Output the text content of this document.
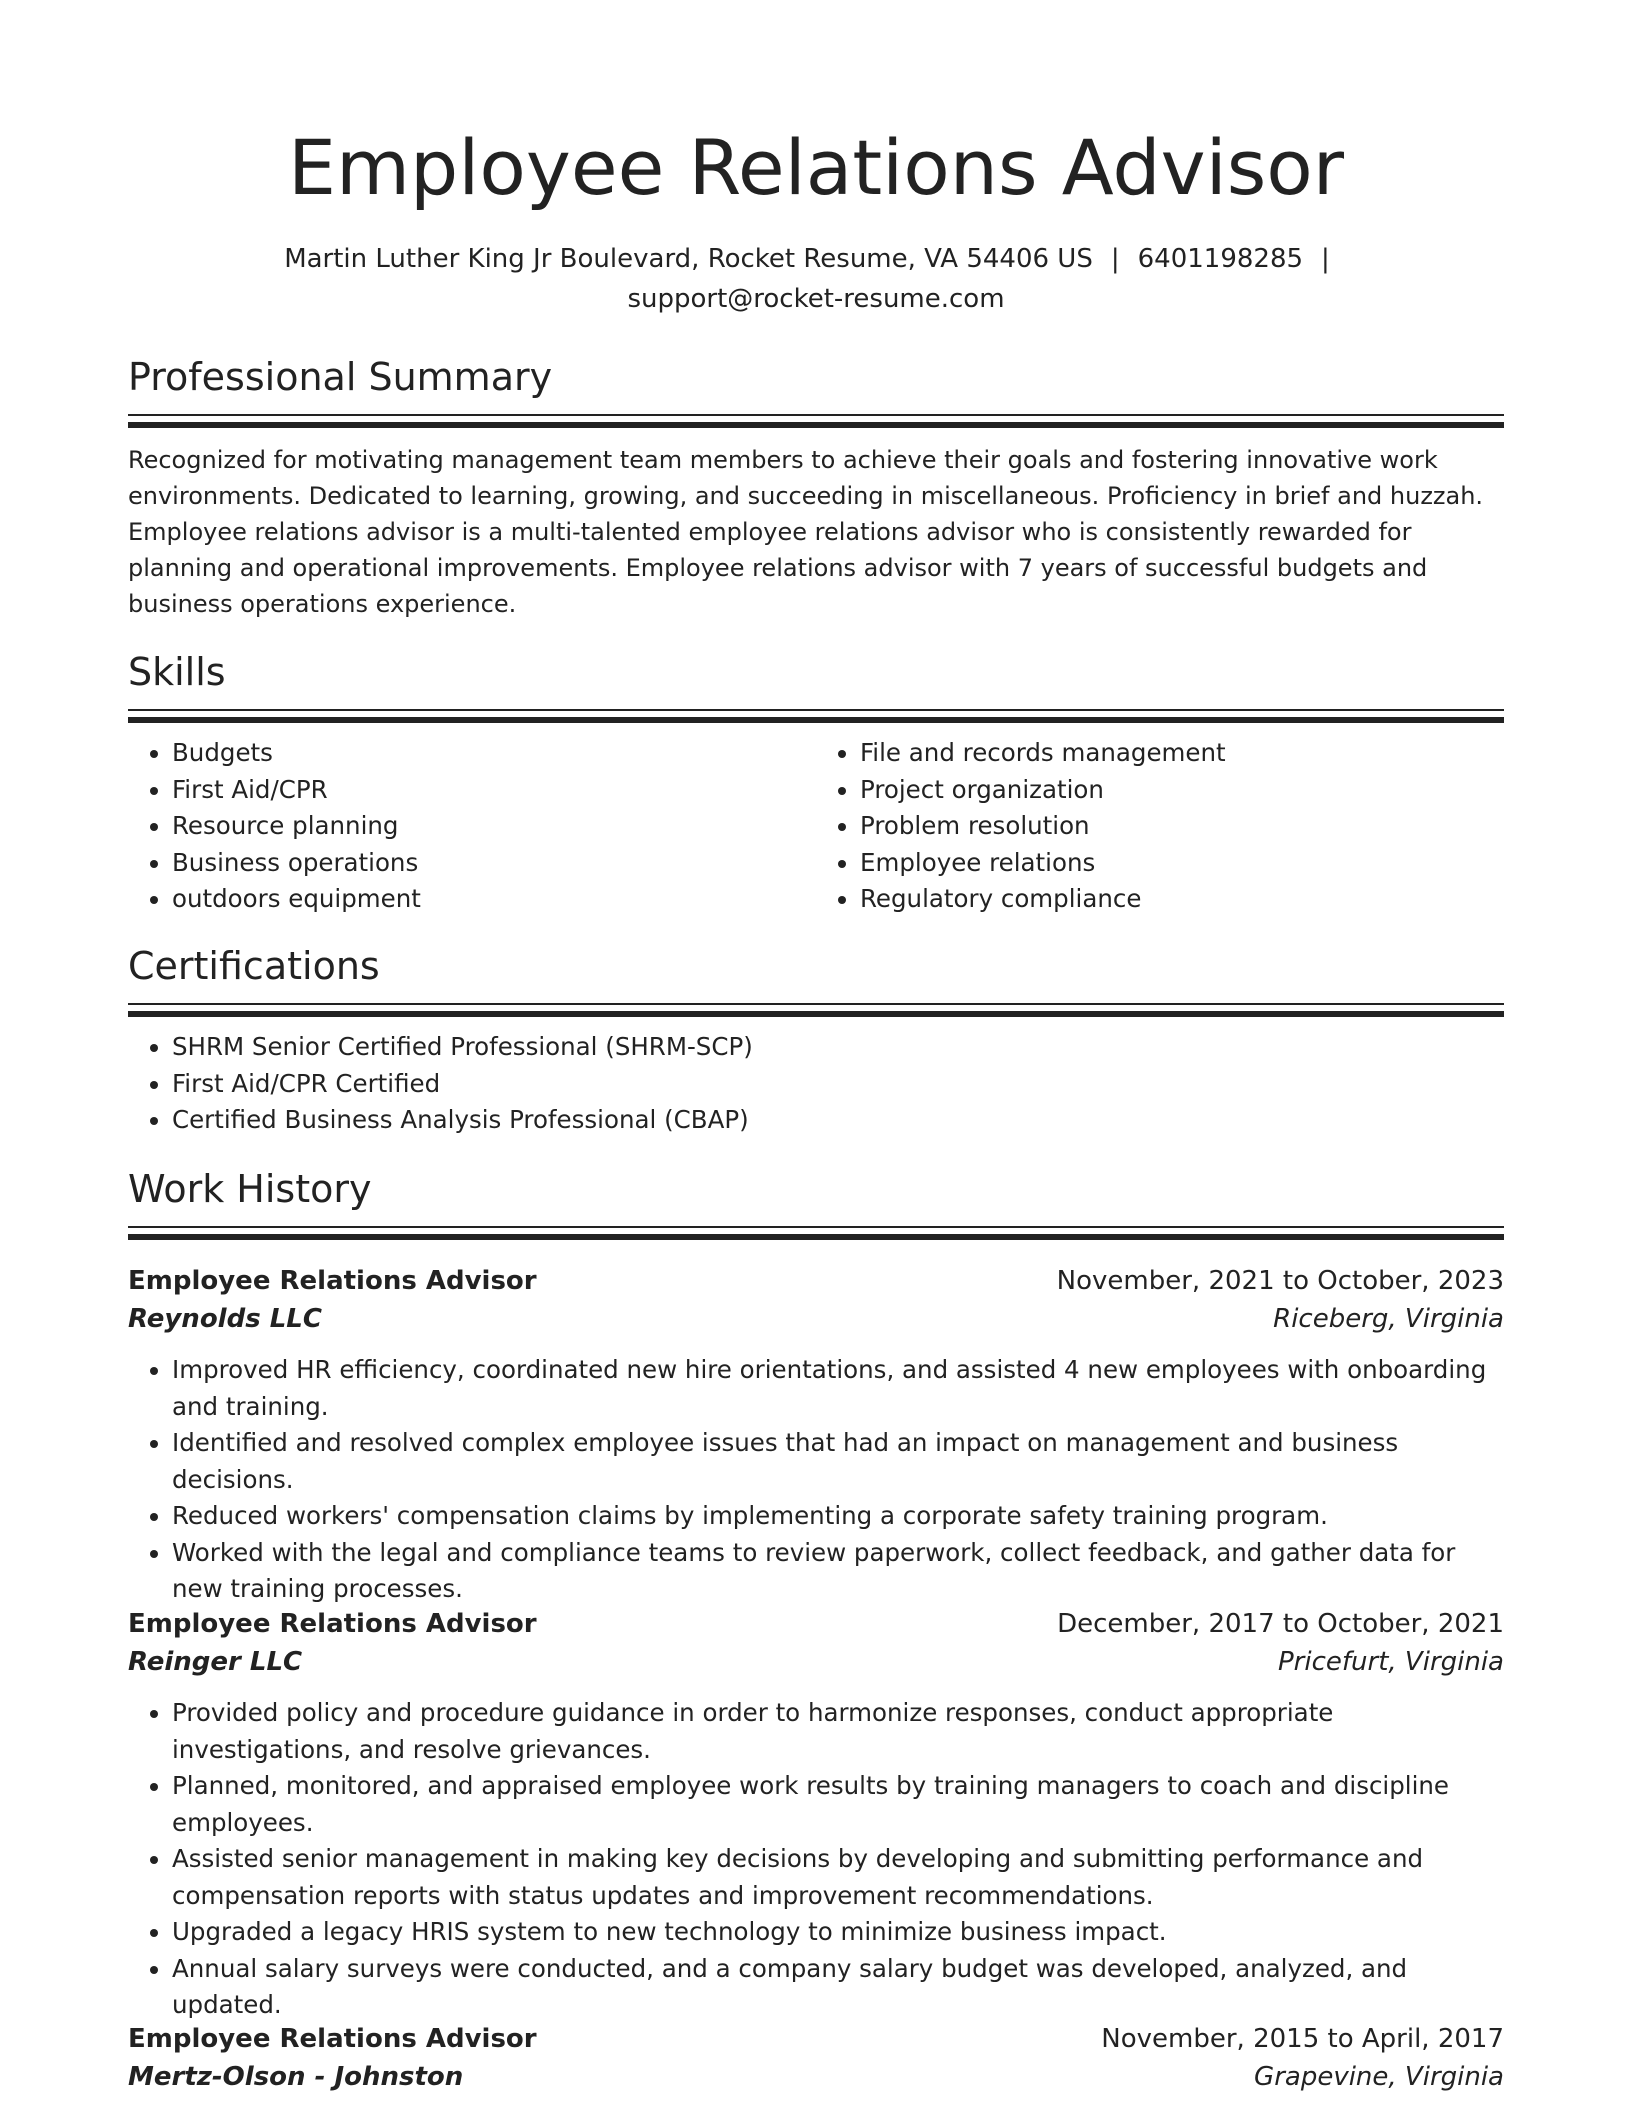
Employee Relations Advisor
Martin Luther King Jr Boulevard, Rocket Resume, VA 54406 US | 6401198285 |
support@rocket-resume.com
Professional Summary

Recognized for motivating management team members to achieve their goals and fostering innovative work environments. Dedicated to learning, growing, and succeeding in miscellaneous. Proficiency in brief and huzzah. Employee relations advisor is a multi-talented employee relations advisor who is consistently rewarded for planning and operational improvements. Employee relations advisor with 7 years of successful budgets and business operations experience.

Skills
• Budgets
• First Aid/CPR
• Resource planning
• Business operations
• outdoors equipment
• File and records management
• Project organization
• Problem resolution
• Employee relations
• Regulatory compliance
Certifications
• SHRM Senior Certified Professional (SHRM-SCP)
• First Aid/CPR Certified
• Certified Business Analysis Professional (CBAP)
Work History
Employee Relations Advisor	November, 2021 to October, 2023
Reynolds LLC	Riceberg, Virginia
• Improved HR efficiency, coordinated new hire orientations, and assisted 4 new employees with onboarding and training.
• Identified and resolved complex employee issues that had an impact on management and business decisions.
• Reduced workers' compensation claims by implementing a corporate safety training program.
• Worked with the legal and compliance teams to review paperwork, collect feedback, and gather data for new training processes.
Employee Relations Advisor	December, 2017 to October, 2021
Reinger LLC	Pricefurt, Virginia
• Provided policy and procedure guidance in order to harmonize responses, conduct appropriate investigations, and resolve grievances.
• Planned, monitored, and appraised employee work results by training managers to coach and discipline employees.
• Assisted senior management in making key decisions by developing and submitting performance and compensation reports with status updates and improvement recommendations.
• Upgraded a legacy HRIS system to new technology to minimize business impact.
• Annual salary surveys were conducted, and a company salary budget was developed, analyzed, and updated.
Employee Relations Advisor	November, 2015 to April, 2017
Mertz-Olson - Johnston	Grapevine, Virginia
